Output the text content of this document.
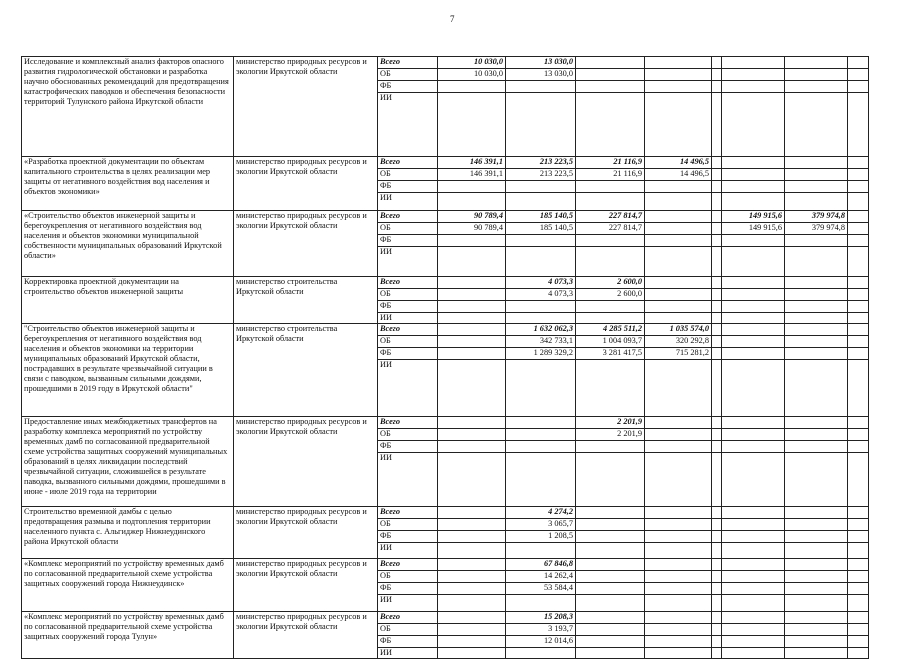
7
Исследование и комплексный анализ факторов опасного развития гидрологической обстановки и разработка научно обоснованных рекомендаций для предотвращения катастрофических паводков и обеспечения безопасности территорий Тулунского района Иркутской области	министерство природных ресурсов и экологии Иркутской области	Всего	10 030,0	13 030,0						
		ОБ	10 030,0	13 030,0						
		ФБ								
		ИИ								
«Разработка проектной документации по объектам капитального строительства в целях реализации мер защиты от негативного воздействия вод населения и объектов экономики»	министерство природных ресурсов и экологии Иркутской области	Всего	146 391,1	213 223,5	21 116,9	14 496,5				
		ОБ	146 391,1	213 223,5	21 116,9	14 496,5				
		ФБ								
		ИИ								
«Строительство объектов инженерной защиты и берегоукрепления от негативного воздействия вод населения и объектов экономики муниципальной собственности муниципальных образований Иркутской области»	министерство природных ресурсов и экологии Иркутской области	Всего	90 789,4	185 140,5	227 814,7			149 915,6	379 974,8	
		ОБ	90 789,4	185 140,5	227 814,7			149 915,6	379 974,8	
		ФБ								
		ИИ								
Корректировка проектной документации на строительство объектов инженерной защиты	министерство строительства Иркутской области	Всего		4 073,3	2 600,0					
		ОБ		4 073,3	2 600,0					
		ФБ								
		ИИ								
"Строительство объектов инженерной защиты и берегоукрепления от негативного воздействия вод населения и объектов экономики на территории муниципальных образований Иркутской области, пострадавших в результате чрезвычайной ситуации в связи с паводком, вызванным сильными дождями, прошедшими в 2019 году в Иркутской области"	министерство строительства Иркутской области	Всего		1 632 062,3	4 285 511,2	1 035 574,0				
		ОБ		342 733,1	1 004 093,7	320 292,8				
		ФБ		1 289 329,2	3 281 417,5	715 281,2				
		ИИ								
Предоставление иных межбюджетных трансфертов на разработку комплекса мероприятий по устройству временных дамб по согласованной предварительной схеме устройства защитных сооружений муниципальных образований в целях ликвидации последствий чрезвычайной ситуации, сложившейся в результате паводка, вызванного сильными дождями, прошедшими в июне - июле 2019 года на территории	министерство природных ресурсов и экологии Иркутской области	Всего			2 201,9					
		ОБ			2 201,9					
		ФБ								
		ИИ								
Строительство временной дамбы с целью предотвращения размыва и подтопления территории населенного пункта с. Альгиджер Нижнеудинского района Иркутской области	министерство природных ресурсов и экологии Иркутской области	Всего		4 274,2						
		ОБ		3 065,7						
		ФБ		1 208,5						
		ИИ								
«Комплекс мероприятий по устройству временных дамб по согласованной предварительной схеме устройства защитных сооружений города Нижнеудинск»	министерство природных ресурсов и экологии Иркутской области	Всего		67 846,8						
		ОБ		14 262,4						
		ФБ		53 584,4						
		ИИ								
«Комплекс мероприятий по устройству временных дамб по согласованной предварительной схеме устройства защитных сооружений города Тулун»	министерство природных ресурсов и экологии Иркутской области	Всего		15 208,3						
		ОБ		3 193,7						
		ФБ		12 014,6						
		ИИ								
